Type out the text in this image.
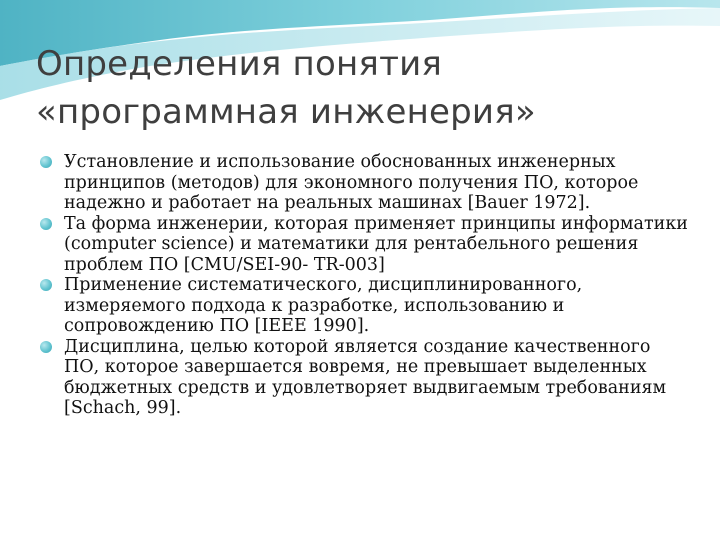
Определения понятия
«программная инженерия»
Установление и использование обоснованных инженерных принципов (методов) для экономного получения ПО, которое надежно и работает на реальных машинах [Bauer 1972].
Та форма инженерии, которая применяет принципы информатики (computer science) и математики для рентабельного решения проблем ПО [CMU/SEI-90- TR-003]
Применение систематического, дисциплинированного, измеряемого подхода к разработке, использованию и сопровождению ПО [IEEE 1990].
Дисциплина, целью которой является создание качественного ПО, которое завершается вовремя, не превышает выделенных бюджетных средств и удовлетворяет выдвигаемым требованиям [Schach, 99].
